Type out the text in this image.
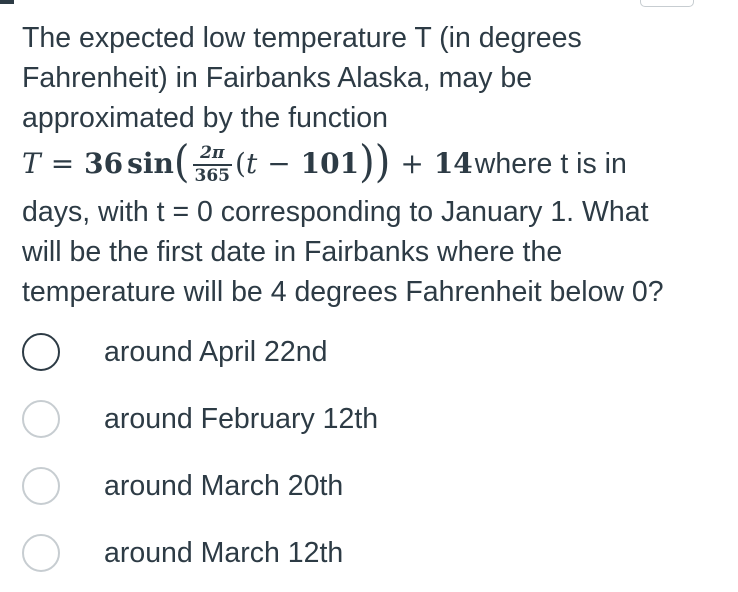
The expected low temperature T (in degrees
Fahrenheit) in Fairbanks Alaska, may be
approximated by the function
T = 36 sin ( $\frac{2\pi}{365}$ ( t − 101 )) + 14 where t is in
days, with t = 0 corresponding to January 1. What
will be the first date in Fairbanks where the
temperature will be 4 degrees Fahrenheit below 0?
around April 22nd
around February 12th
around March 20th
around March 12th
